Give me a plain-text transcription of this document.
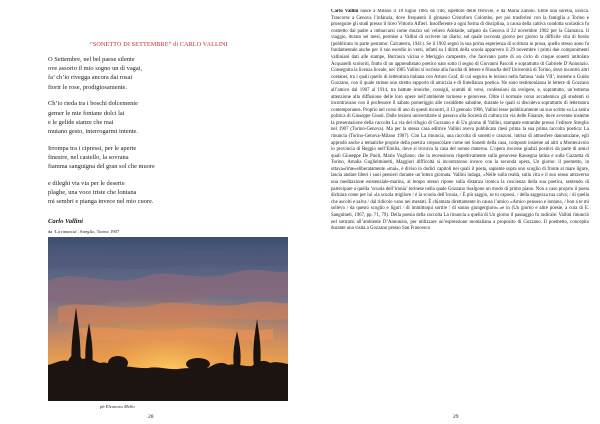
“SONETTO DI SETTEMBRE” di CARLO VALLINI
O Settembre, nel bel paese silente
ove assorto il mio sogno un dì vagai,
fa’ ch’io rivegga ancora dai rosai
fiorir le rose, prodigiosamente.
Ch’io rieda tra i boschi dolcemente
gemer le mie fontane dolci lai
e le gelide stanze che mai
mutano gesto, interrogarmi intente.
Irrompa tra i cipressi, per le aperte
finestre, nel castello, la sovrana
fiamma sanguigna del gran sol che muore
e dileghi via via per le deserte
plaghe, una voce triste che lontana
mi sembri e pianga invece nel mio cuore.
Carlo Vallini
da ‘La rinuncia’, Streglio, Torino 1907
ph Eleonora Mello
28

Carlo Vallini nasce a Milano il 18 luglio 1885 da Tito, ispettore delle ferrovie, e da Maria Zanoni. Ebbe una sorella, Enrica. Trascorse a Genova l’infanzia, dove frequentò il ginnasio Cristoforo Colombo, per poi trasferirsi con la famiglia a Torino e proseguire gli studi presso il liceo Vittorio Alfieri. Insofferente a ogni forma di disciplina, a causa della cattiva condotta scolastica fu costretto dal padre a imbarcarsi come mozzo sul veliero Adelaide, salpato da Genova il 22 novembre 1902 per la Giamaica. Il viaggio, durato sei mesi, permise a Vallini di scrivere un diario, sul quale racconta giorno per giorno la difficile vita di bordo (pubblicato in parte postumo: Calcaterra, 1941). Se il 1902 segnò la sua prima esperienza di scrittura in prosa, quello stesso anno fu fondamentale anche per il suo esordio in versi, infatti su I diritti della scuola apparvero il 29 novembre i primi due componimenti valliniani dati alle stampe, Burrasca vicina e Meriggio campestre, che facevano parte di un ciclo di cinque sonetti intitolato Acquarelli scoloriti, frutto di un apprendistato poetico nato sotto il segno di Giovanni Pascoli e soprattutto di Gabriele D’Annunzio. Conseguita la licenza liceale, nel 1905 Vallini si iscrisse alla facoltà di lettere e filosofia dell’Università di Torino, dove incontrò altri coetanei, tra i quali quello di letteratura italiana con Arturo Graf, di cui seguiva le lezioni nella famosa ‘aula VII’, insieme a Guido Gozzano, con il quale strinse uno stretto rapporto di amicizia e di fratellanza poetica. Ne sono testimonianza le lettere di Gozzano all’amico dal 1907 al 1914, tra battute ironiche, consigli, scambi di versi, confessioni da svelgere, e, soprattutto, un’estrema attenzione alla diffusione delle loro opere nell’ambiente torinese e genovese. Oltre il normale corso accademico gli studenti si incontravano con il professore il sabato pomeriggio alle cosiddette sabatine, durante le quali si discuteva soprattutto di letteratura contemporanea. Proprio nel corso di uno di questi incontri, il 13 gennaio 1906, Vallini lesse pubblicamente un suo scritto su La satira politica di Giuseppe Giusti. Dalle lezioni universitarie si passava alla Società di cultura tra via delle Finanze, dove avvenne insieme la presentazione della raccolta La via del rifugio di Gozzano e di Un giorno di Vallini, stampate entrambe presso l’editore Streglio nel 1907 (Torino-Genova). Ma per la stessa casa editrice Vallini aveva pubblicato mesi prima la sua prima raccolta poetica: La rinuncia (Torino-Genova-Milano 1907). Con La rinuncia, una raccolta di sonetti e canzoni, intrisa di atmosfere dannunziane, egli approdò anche a tematiche proprie della poetica crepuscolare come nei Sonetti della casa, composti insieme ad altri a Montecavolo in provincia di Reggio nell’Emilia, dove si trovava la casa del nonno materno. L’opera riscosse giudizi positivi da parte di amici quali Giuseppe De Paoli, Mario Vugliano; che la recensirono rispettivamente sulla genovese Rassegna latina e sulla Gazzetta di Torino, Amalia Guglielminetti, Maggiori difficoltà si incontrarono invece con la seconda opera, Un giorno: il poemetto, in ottava«rime»eliberatamente «mai», è diviso in dodici capitoli nei quali il poeta, sapiente sopra uno scoglio di fronte al mare ligure, lascia andare liberi i suoi pensieri durante un’intera giornata. Vallini indaga, «Nelle sulla realtà, sulla vita e il suo senso attraverso una meditazione esistenziale-marina, al tempo stesso ripone sulla distanza ironica la coscienza della sua poetica, sentendo di partecipare a quella ‘scuola dell’ironia’ torinese nella quale Gozzano risalgono un modo di primo piano. Non a caso proprio il poeta dichiara come per lui «la scuola migliore / è la scuola dell’ironia, / È più saggio, se tu capossi, / della saggezza tua calva; / di quella che ascolti e salva / dal ridicolo vano nei mestati. È chiamata direttamente in causa l’amico «Amico pensoso e lontano, / bon a te mi sollevo / da questo scoglio e liguri / di immittoqui sortire / di sonno giungergioro».»e in (Un giorno e altre poesie, a cura di E. Sanguineti, 1967, pp. 71, 79). Della poesia della raccolta La rinuncia a quella di Un giorno il passaggio fu radicale: Vallini rinunciò nel sottrarsi all’ambiente D’Annunzio, per utilizzare un’espressione montaliana a proposito di Gozzano. Il poemetto, concepito durante una visita a Gozzano presso San Francesco

29
